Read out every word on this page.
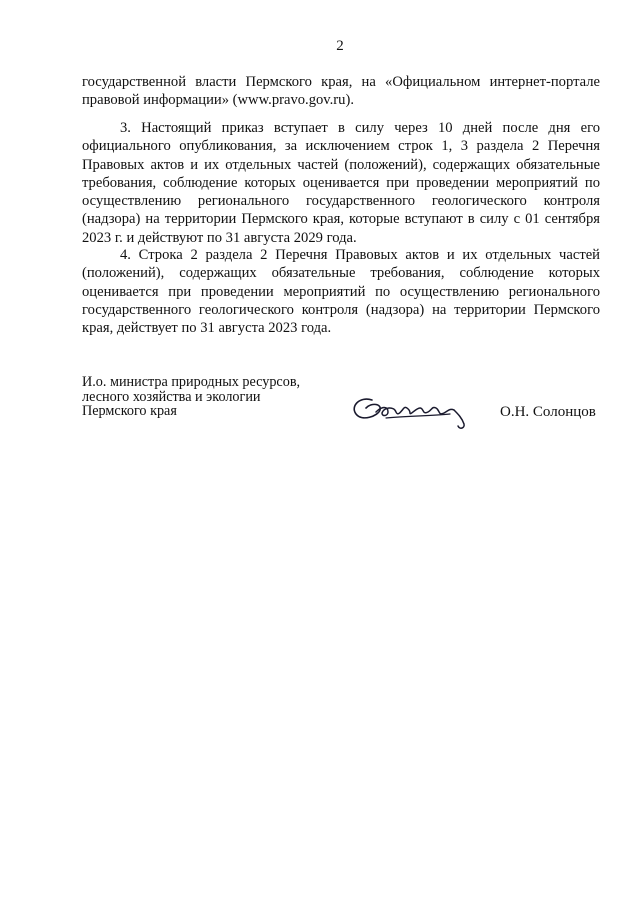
2

государственной власти Пермского края, на «Официальном интернет-портале правовой информации» (www.pravo.gov.ru).

3. Настоящий приказ вступает в силу через 10 дней после дня его официального опубликования, за исключением строк 1, 3 раздела 2 Перечня Правовых актов и их отдельных частей (положений), содержащих обязательные требования, соблюдение которых оценивается при проведении мероприятий по осуществлению регионального государственного геологического контроля (надзора) на территории Пермского края, которые вступают в силу с 01 сентября 2023 г. и действуют по 31 августа 2029 года.

4. Строка 2 раздела 2 Перечня Правовых актов и их отдельных частей (положений), содержащих обязательные требования, соблюдение которых оценивается при проведении мероприятий по осуществлению регионального государственного геологического контроля (надзора) на территории Пермского края, действует по 31 августа 2023 года.

И.о. министра природных ресурсов,
лесного хозяйства и экологии
Пермского края	О.Н. Солонцов
